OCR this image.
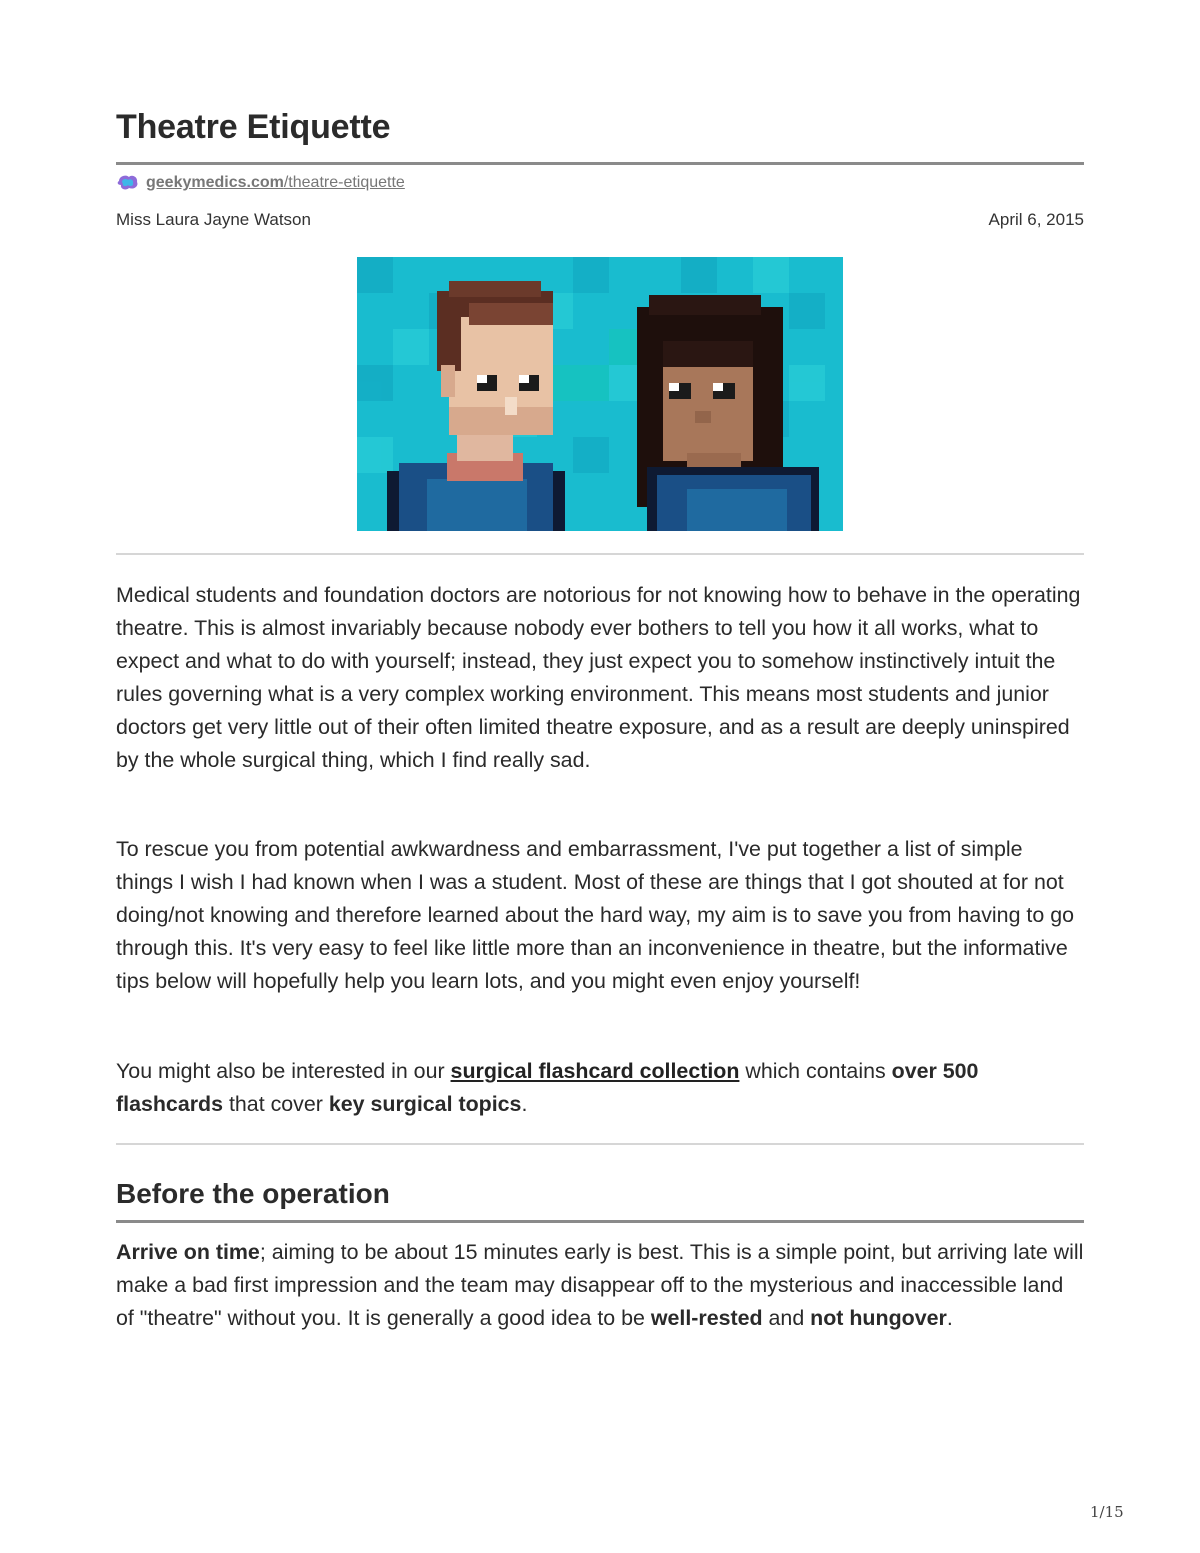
Theatre Etiquette
geekymedics.com/theatre-etiquette
Miss Laura Jayne Watson	April 6, 2015

Medical students and foundation doctors are notorious for not knowing how to behave in the operating theatre. This is almost invariably because nobody ever bothers to tell you how it all works, what to expect and what to do with yourself; instead, they just expect you to somehow instinctively intuit the rules governing what is a very complex working environment. This means most students and junior doctors get very little out of their often limited theatre exposure, and as a result are deeply uninspired by the whole surgical thing, which I find really sad.

To rescue you from potential awkwardness and embarrassment, I've put together a list of simple things I wish I had known when I was a student. Most of these are things that I got shouted at for not doing/not knowing and therefore learned about the hard way, my aim is to save you from having to go through this. It's very easy to feel like little more than an inconvenience in theatre, but the informative tips below will hopefully help you learn lots, and you might even enjoy yourself!

You might also be interested in our surgical flashcard collection which contains over 500 flashcards that cover key surgical topics.

Before the operation

Arrive on time; aiming to be about 15 minutes early is best. This is a simple point, but arriving late will make a bad first impression and the team may disappear off to the mysterious and inaccessible land of "theatre" without you. It is generally a good idea to be well-rested and not hungover.

1/15
